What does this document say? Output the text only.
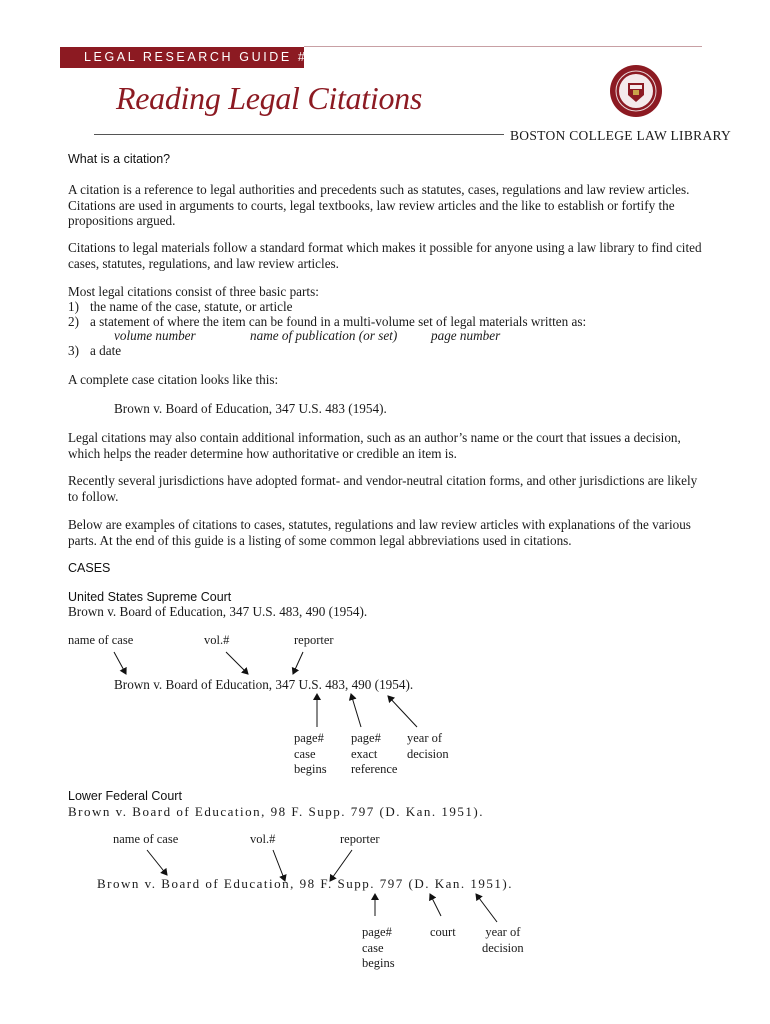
LEGAL RESEARCH GUIDE #1
Reading Legal Citations
BOSTON COLLEGE LAW LIBRARY
What is a citation?
A citation is a reference to legal authorities and precedents such as statutes, cases, regulations and law review articles. Citations are used in arguments to courts, legal textbooks, law review articles and the like to establish or fortify the propositions argued.
Citations to legal materials follow a standard format which makes it possible for anyone using a law library to find cited cases, statutes, regulations, and law review articles.
Most legal citations consist of three basic parts:
1) the name of the case, statute, or article
2) a statement of where the item can be found in a multi-volume set of legal materials written as:
volume number	name of publication (or set)	page number
3) a date
A complete case citation looks like this:
Brown v. Board of Education, 347 U.S. 483 (1954).
Legal citations may also contain additional information, such as an author’s name or the court that issues a decision, which helps the reader determine how authoritative or credible an item is.
Recently several jurisdictions have adopted format- and vendor-neutral citation forms, and other jurisdictions are likely to follow.
Below are examples of citations to cases, statutes, regulations and law review articles with explanations of the various parts. At the end of this guide is a listing of some common legal abbreviations used in citations.
CASES
United States Supreme Court
Brown v. Board of Education, 347 U.S. 483, 490 (1954).
name of case	vol.#	reporter
Brown v. Board of Education, 347 U.S. 483, 490 (1954).
page#
case
begins
page#
exact
reference
year of
decision
Lower Federal Court
Brown v. Board of Education, 98 F. Supp. 797 (D. Kan. 1951).
name of case	vol.#	reporter
Brown v. Board of Education, 98 F. Supp. 797 (D. Kan. 1951).
page#
case
begins
court year of
decision
